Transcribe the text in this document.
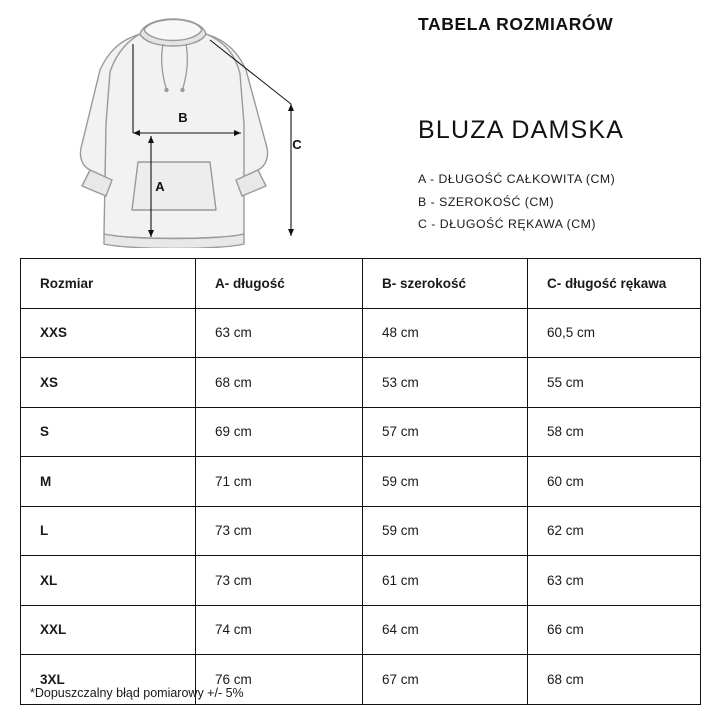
B
A
C
TABELA ROZMIARÓW
BLUZA DAMSKA
A - DŁUGOŚĆ CAŁKOWITA (CM)
B - SZEROKOŚĆ (CM)
C - DŁUGOŚĆ RĘKAWA (CM)
Rozmiar	A- długość	B- szerokość	C- długość rękawa
XXS	63 cm	48 cm	60,5 cm
XS	68 cm	53 cm	55 cm
S	69 cm	57 cm	58 cm
M	71 cm	59 cm	60 cm
L	73 cm	59 cm	62 cm
XL	73 cm	61 cm	63 cm
XXL	74 cm	64 cm	66 cm
3XL	76 cm	67 cm	68 cm
*Dopuszczalny błąd pomiarowy +/- 5%
